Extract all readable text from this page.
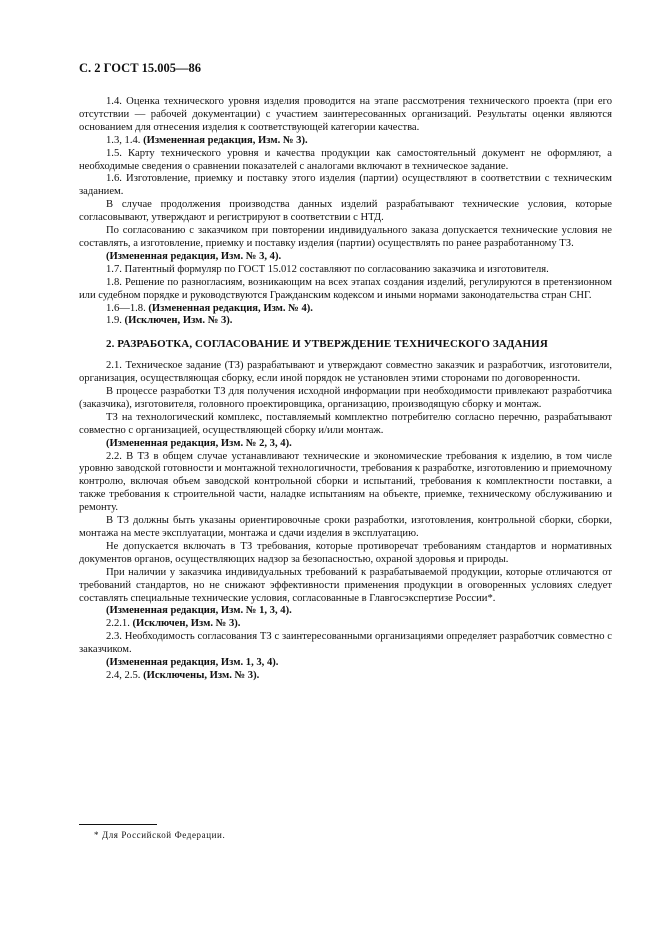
С. 2 ГОСТ 15.005—86

1.4. Оценка технического уровня изделия проводится на этапе рассмотрения технического проекта (при его отсутствии — рабочей документации) с участием заинтересованных организаций. Результаты оценки являются основанием для отнесения изделия к соответствующей категории качества.

1.3, 1.4. (Измененная редакция, Изм. № 3).

1.5. Карту технического уровня и качества продукции как самостоятельный документ не оформляют, а необходимые сведения о сравнении показателей с аналогами включают в техническое задание.

1.6. Изготовление, приемку и поставку этого изделия (партии) осуществляют в соответствии с техническим заданием.

В случае продолжения производства данных изделий разрабатывают технические условия, которые согласовывают, утверждают и регистрируют в соответствии с НТД.

По согласованию с заказчиком при повторении индивидуального заказа допускается технические условия не составлять, а изготовление, приемку и поставку изделия (партии) осуществлять по ранее разработанному ТЗ.

(Измененная редакция, Изм. № 3, 4).

1.7. Патентный формуляр по ГОСТ 15.012 составляют по согласованию заказчика и изготовителя.

1.8. Решение по разногласиям, возникающим на всех этапах создания изделий, регулируются в претензионном или судебном порядке и руководствуются Гражданским кодексом и иными нормами законодательства стран СНГ.

1.6—1.8. (Измененная редакция, Изм. № 4).

1.9. (Исключен, Изм. № 3).

2. РАЗРАБОТКА, СОГЛАСОВАНИЕ И УТВЕРЖДЕНИЕ ТЕХНИЧЕСКОГО ЗАДАНИЯ

2.1. Техническое задание (ТЗ) разрабатывают и утверждают совместно заказчик и разработчик, изготовители, организация, осуществляющая сборку, если иной порядок не установлен этими сторонами по договоренности.

В процессе разработки ТЗ для получения исходной информации при необходимости привлекают разработчика (заказчика), изготовителя, головного проектировщика, организацию, производящую сборку и монтаж.

ТЗ на технологический комплекс, поставляемый комплектно потребителю согласно перечню, разрабатывают совместно с организацией, осуществляющей сборку и/или монтаж.

(Измененная редакция, Изм. № 2, 3, 4).

2.2. В ТЗ в общем случае устанавливают технические и экономические требования к изделию, в том числе уровню заводской готовности и монтажной технологичности, требования к разработке, изготовлению и приемочному контролю, включая объем заводской контрольной сборки и испытаний, требования к комплектности поставки, а также требования к строительной части, наладке испытаниям на объекте, приемке, техническому обслуживанию и ремонту.

В ТЗ должны быть указаны ориентировочные сроки разработки, изготовления, контрольной сборки, сборки, монтажа на месте эксплуатации, монтажа и сдачи изделия в эксплуатацию.

Не допускается включать в ТЗ требования, которые противоречат требованиям стандартов и нормативных документов органов, осуществляющих надзор за безопасностью, охраной здоровья и природы.

При наличии у заказчика индивидуальных требований к разрабатываемой продукции, которые отличаются от требований стандартов, но не снижают эффективности применения продукции в оговоренных условиях следует составлять специальные технические условия, согласованные в Главгосэкспертизе России*.

(Измененная редакция, Изм. № 1, 3, 4).

2.2.1. (Исключен, Изм. № 3).

2.3. Необходимость согласования ТЗ с заинтересованными организациями определяет разработчик совместно с заказчиком.

(Измененная редакция, Изм. 1, 3, 4).

2.4, 2.5. (Исключены, Изм. № 3).

* Для Российской Федерации.
